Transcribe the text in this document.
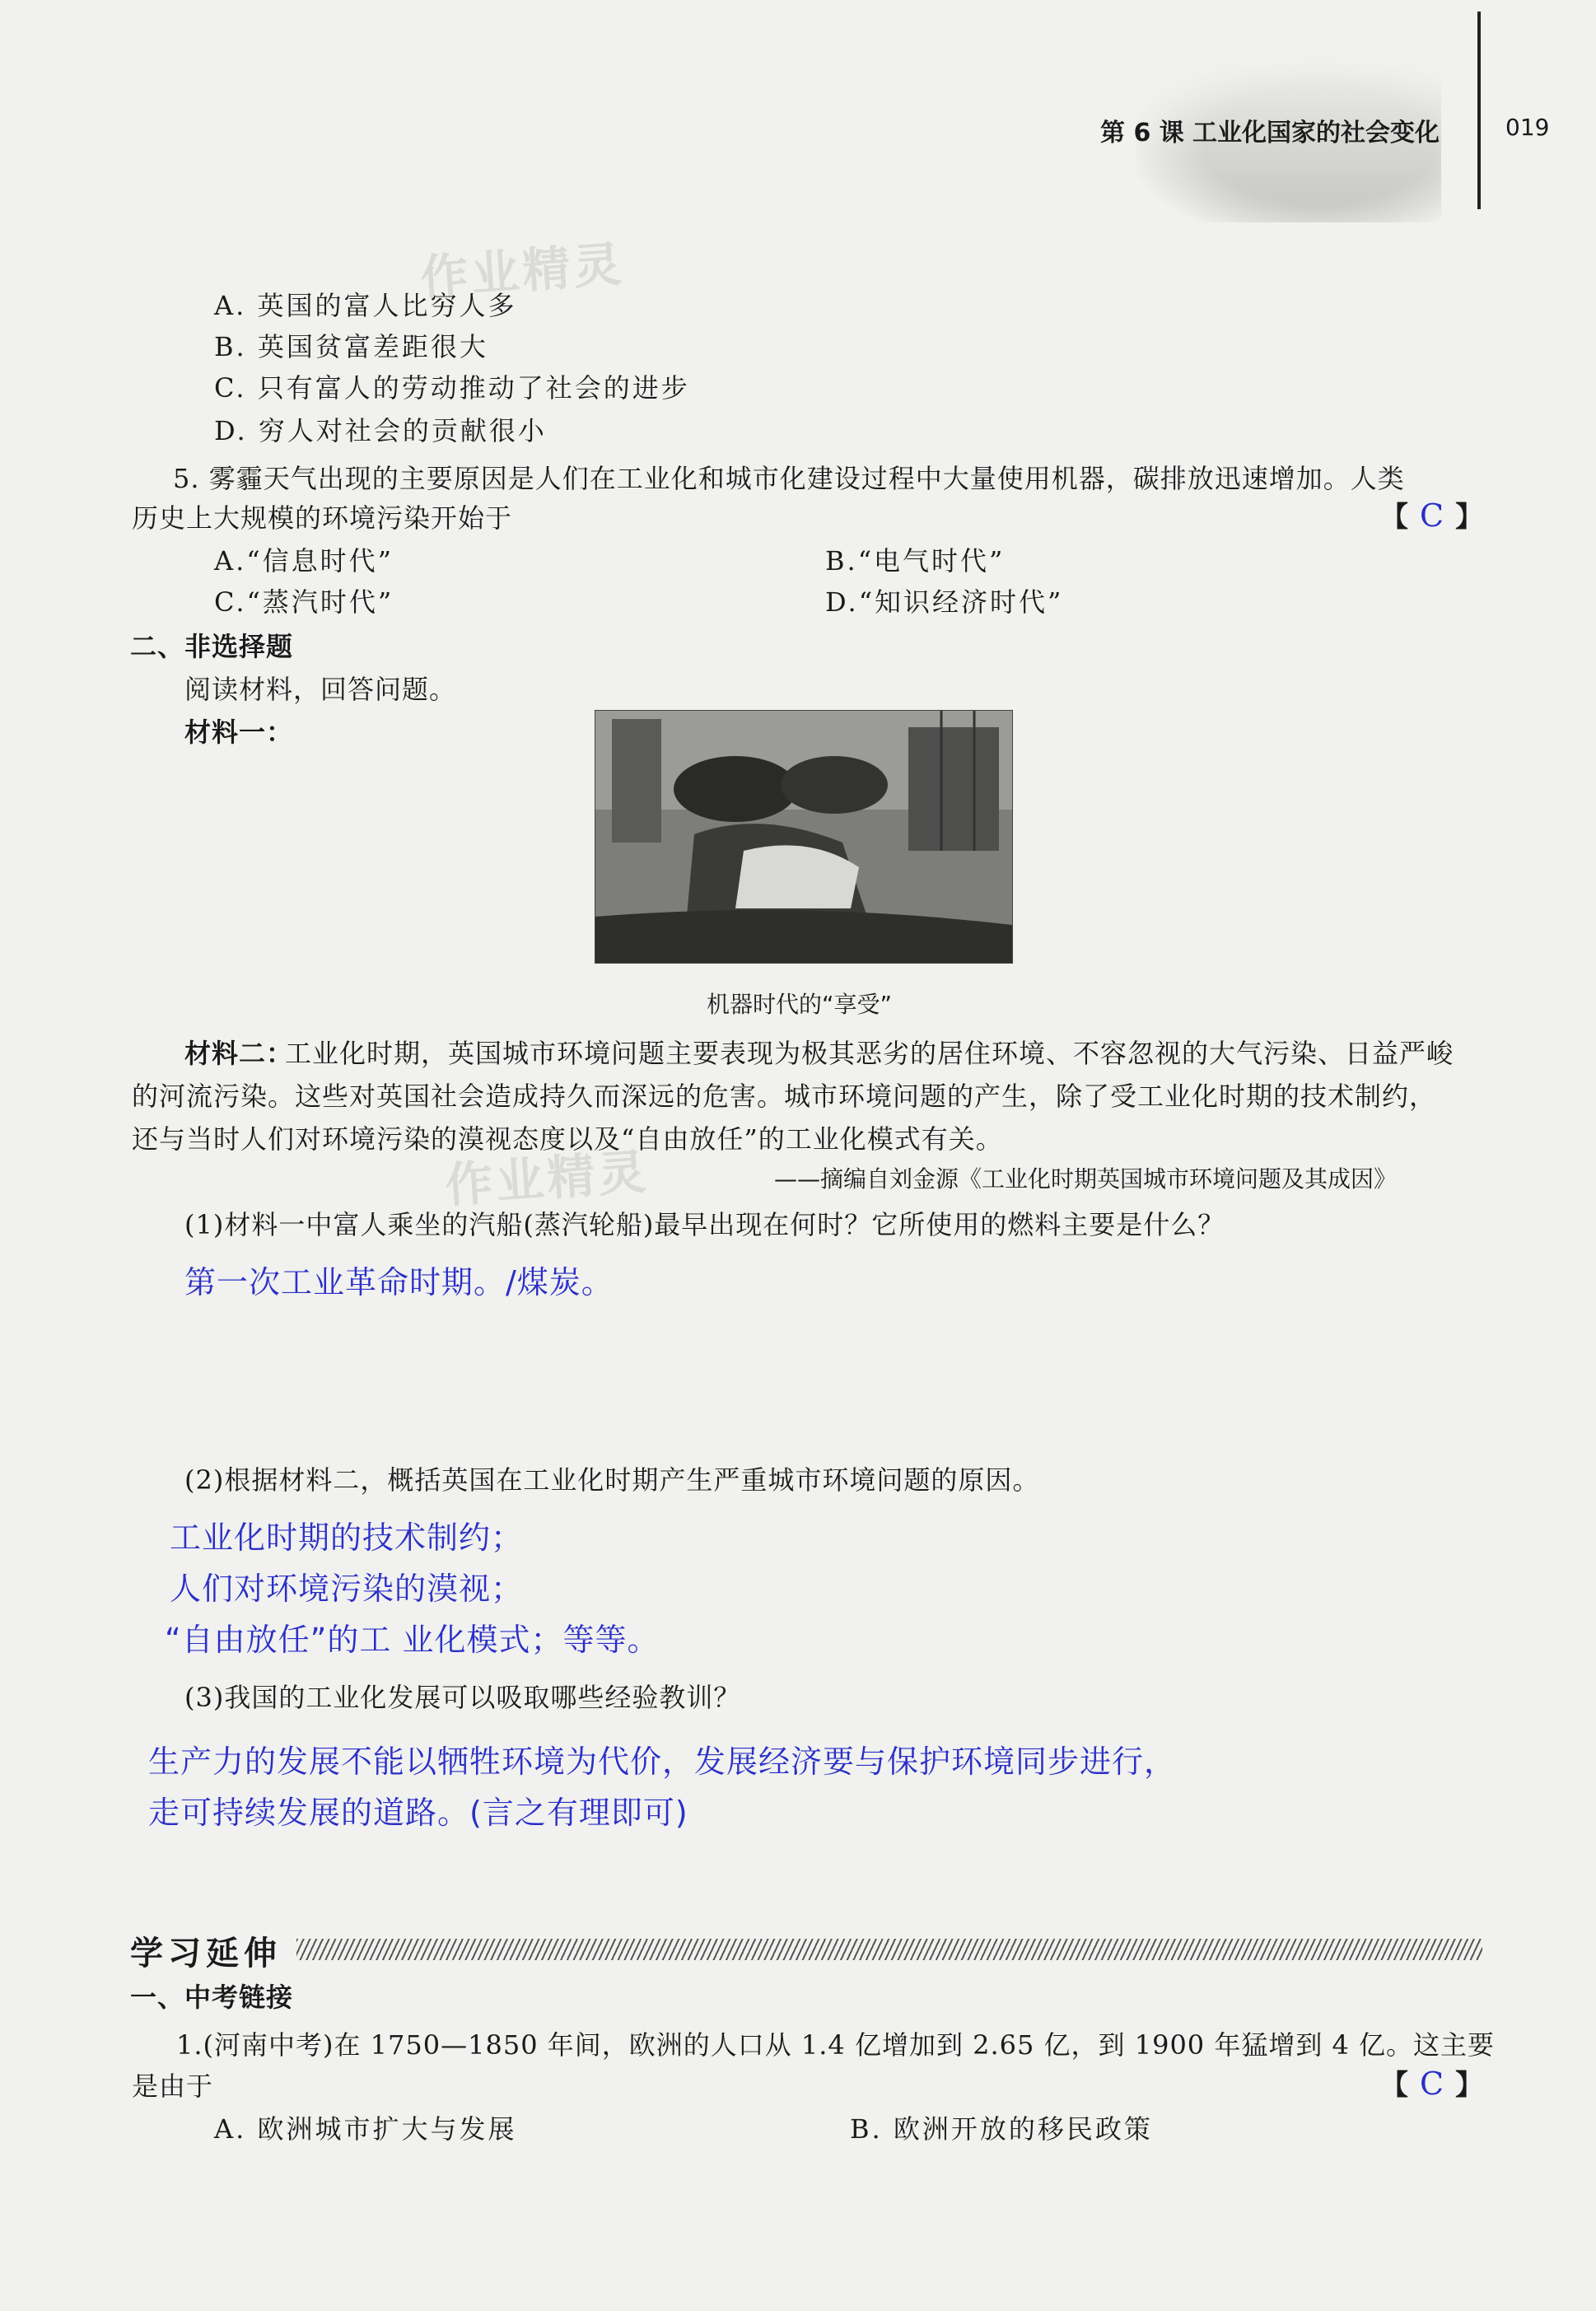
第 6 课 工业化国家的社会变化	019
作业精灵
作业精灵
A. 英国的富人比穷人多
B. 英国贫富差距很大
C. 只有富人的劳动推动了社会的进步
D. 穷人对社会的贡献很小
5. 雾霾天气出现的主要原因是人们在工业化和城市化建设过程中大量使用机器，碳排放迅速增加。人类
历史上大规模的环境污染开始于	【 C 】
A.“信息时代”	B.“电气时代”
C.“蒸汽时代”	D.“知识经济时代”
二、非选择题
阅读材料，回答问题。
材料一：
机器时代的“享受”
材料二：
工业化时期，英国城市环境问题主要表现为极其恶劣的居住环境、不容忽视的大气污染、日益严峻
的河流污染。这些对英国社会造成持久而深远的危害。城市环境问题的产生，除了受工业化时期的技术制约，
还与当时人们对环境污染的漠视态度以及“自由放任”的工业化模式有关。
——摘编自刘金源《工业化时期英国城市环境问题及其成因》
(1)材料一中富人乘坐的汽船(蒸汽轮船)最早出现在何时？它所使用的燃料主要是什么？
第一次工业革命时期。/煤炭。
(2)根据材料二，概括英国在工业化时期产生严重城市环境问题的原因。
工业化时期的技术制约；
人们对环境污染的漠视；
“自由放任”的工 业化模式；等等。
(3)我国的工业化发展可以吸取哪些经验教训？
生产力的发展不能以牺牲环境为代价，发展经济要与保护环境同步进行，
走可持续发展的道路。(言之有理即可)
学习延伸
一、中考链接
1.(河南中考)在 1750—1850 年间，欧洲的人口从 1.4 亿增加到 2.65 亿，到 1900 年猛增到 4 亿。这主要
是由于	【 C 】
A. 欧洲城市扩大与发展	B. 欧洲开放的移民政策
